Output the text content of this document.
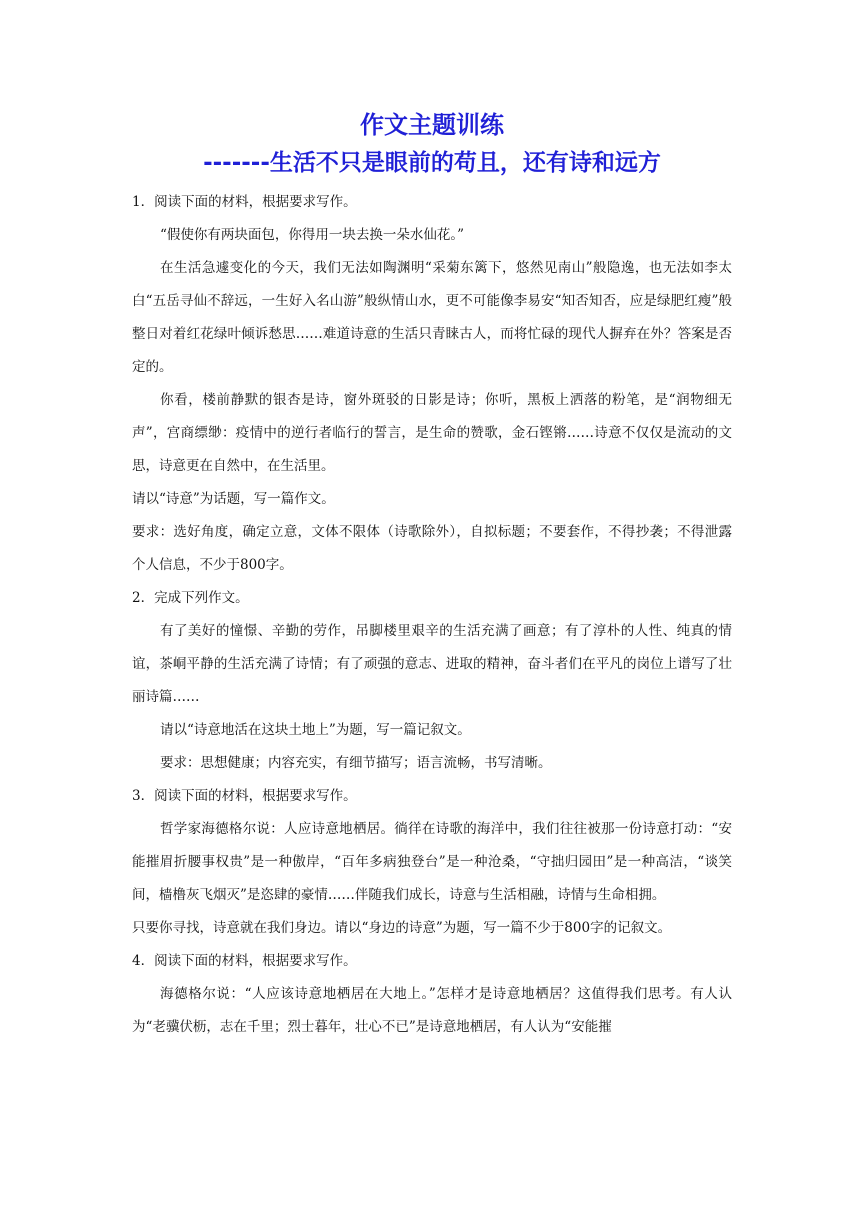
作文主题训练
-------生活不只是眼前的苟且，还有诗和远方

1．阅读下面的材料，根据要求写作。

“假使你有两块面包，你得用一块去换一朵水仙花。”

在生活急遽变化的今天，我们无法如陶渊明“采菊东篱下，悠然见南山”般隐逸，也无法如李太白“五岳寻仙不辞远，一生好入名山游”般纵情山水，更不可能像李易安“知否知否，应是绿肥红瘦”般整日对着红花绿叶倾诉愁思……难道诗意的生活只青睐古人，而将忙碌的现代人摒弃在外？答案是否定的。

你看，楼前静默的银杏是诗，窗外斑驳的日影是诗；你听，黑板上洒落的粉笔，是“润物细无声”，宫商缥缈：疫情中的逆行者临行的誓言，是生命的赞歌，金石铿锵……诗意不仅仅是流动的文思，诗意更在自然中，在生活里。

请以“诗意”为话题，写一篇作文。

要求：选好角度，确定立意，文体不限体（诗歌除外），自拟标题；不要套作，不得抄袭；不得泄露个人信息，不少于800字。

2．完成下列作文。

有了美好的憧憬、辛勤的劳作，吊脚楼里艰辛的生活充满了画意；有了淳朴的人性、纯真的情谊，茶峒平静的生活充满了诗情；有了顽强的意志、进取的精神，奋斗者们在平凡的岗位上谱写了壮丽诗篇……

请以“诗意地活在这块土地上”为题，写一篇记叙文。

要求：思想健康；内容充实，有细节描写；语言流畅，书写清晰。

3．阅读下面的材料，根据要求写作。

哲学家海德格尔说：人应诗意地栖居。徜徉在诗歌的海洋中，我们往往被那一份诗意打动：“安能摧眉折腰事权贵”是一种傲岸，“百年多病独登台”是一种沧桑，“守拙归园田”是一种高洁，“谈笑间，樯橹灰飞烟灭”是恣肆的豪情……伴随我们成长，诗意与生活相融，诗情与生命相拥。

只要你寻找，诗意就在我们身边。请以“身边的诗意”为题，写一篇不少于800字的记叙文。

4．阅读下面的材料，根据要求写作。

海德格尔说：“人应该诗意地栖居在大地上。”怎样才是诗意地栖居？这值得我们思考。有人认为“老骥伏枥，志在千里；烈士暮年，壮心不已”是诗意地栖居，有人认为“安能摧
